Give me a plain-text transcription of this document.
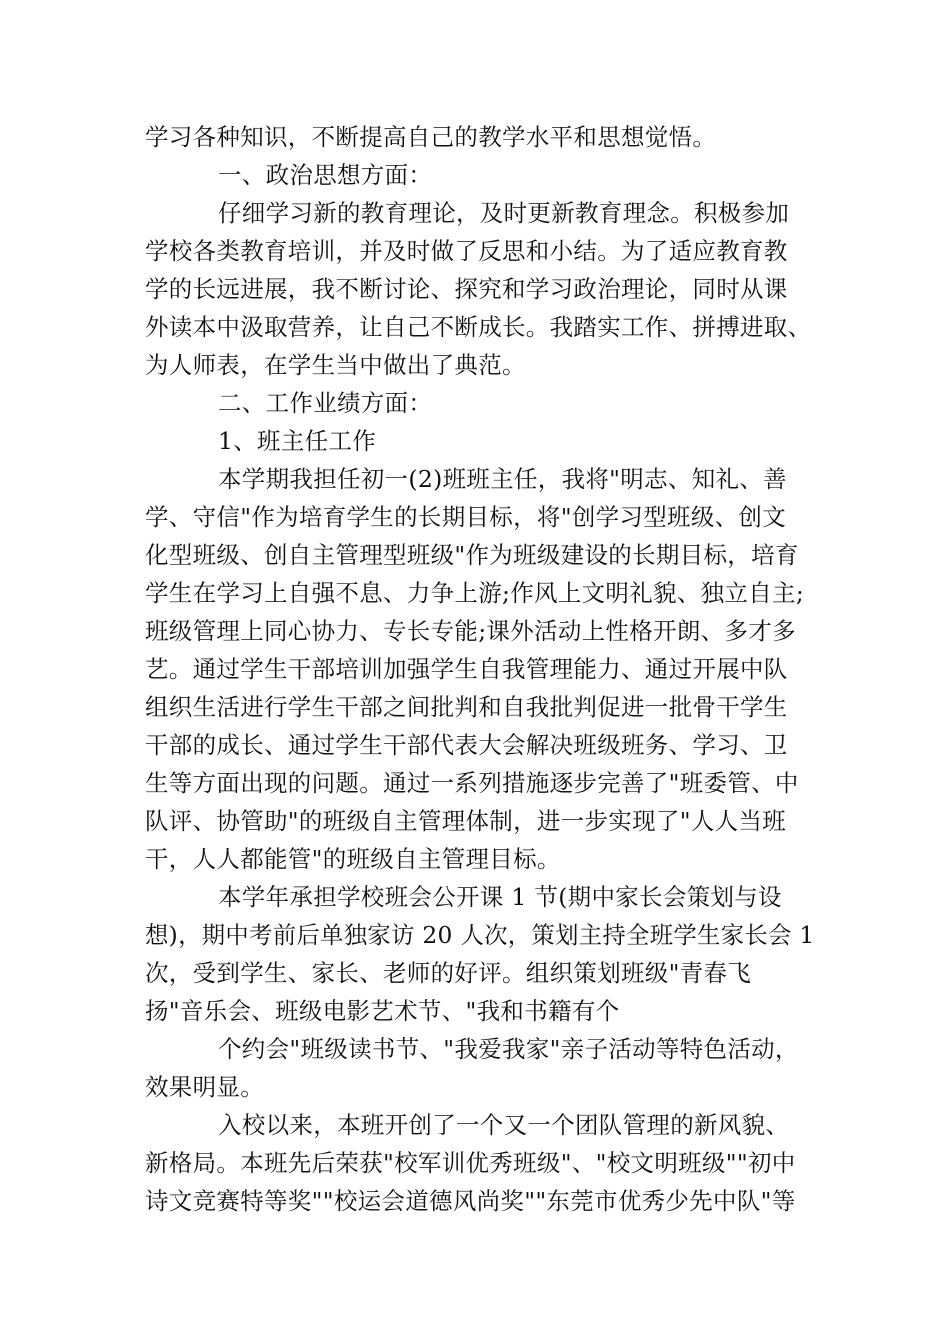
学习各种知识，不断提高自己的教学水平和思想觉悟。
一、政治思想方面：
仔细学习新的教育理论，及时更新教育理念。积极参加
学校各类教育培训，并及时做了反思和小结。为了适应教育教
学的长远进展，我不断讨论、探究和学习政治理论，同时从课
外读本中汲取营养，让自己不断成长。我踏实工作、拼搏进取、
为人师表，在学生当中做出了典范。
二、工作业绩方面：
1、班主任工作
本学期我担任初一(2)班班主任，我将"明志、知礼、善
学、守信"作为培育学生的长期目标，将"创学习型班级、创文
化型班级、创自主管理型班级"作为班级建设的长期目标，培育
学生在学习上自强不息、力争上游;作风上文明礼貌、独立自主;
班级管理上同心协力、专长专能;课外活动上性格开朗、多才多
艺。通过学生干部培训加强学生自我管理能力、通过开展中队
组织生活进行学生干部之间批判和自我批判促进一批骨干学生
干部的成长、通过学生干部代表大会解决班级班务、学习、卫
生等方面出现的问题。通过一系列措施逐步完善了"班委管、中
队评、协管助"的班级自主管理体制，进一步实现了"人人当班
干，人人都能管"的班级自主管理目标。
本学年承担学校班会公开课 1 节(期中家长会策划与设
想)，期中考前后单独家访 20 人次，策划主持全班学生家长会 1
次，受到学生、家长、老师的好评。组织策划班级"青春飞
扬"音乐会、班级电影艺术节、"我和书籍有个
个约会"班级读书节、"我爱我家"亲子活动等特色活动，
效果明显。
入校以来，本班开创了一个又一个团队管理的新风貌、
新格局。本班先后荣获"校军训优秀班级"、"校文明班级""初中
诗文竞赛特等奖""校运会道德风尚奖""东莞市优秀少先中队"等
